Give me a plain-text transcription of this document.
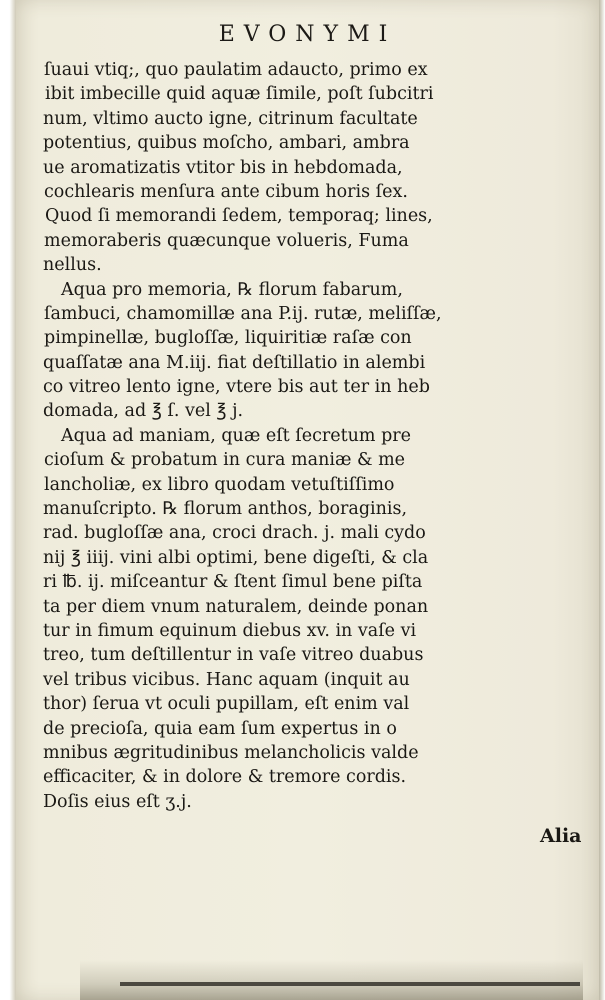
EVONYMI
ſuaui vtiq;, quo paulatim adaucto, primo ex
ibit imbecille quid aquæ ſimile, poſt ſubcitri
num, vltimo aucto igne, citrinum facultate
potentius, quibus moſcho, ambari, ambra
ue aromatizatis vtitor bis in hebdomada,
cochlearis menſura ante cibum horis ſex.
Quod ſi memorandi ſedem, temporaq; lines,
memoraberis quæcunque volueris, Fuma
nellus.
Aqua pro memoria, ℞ florum fabarum,
ſambuci, chamomillæ ana P.ij. rutæ, meliſſæ,
pimpinellæ, bugloſſæ, liquiritiæ raſæ con
quaſſatæ ana M.iij. fiat deſtillatio in alembi
co vitreo lento igne, vtere bis aut ter in heb
domada, ad ℥ ſ. vel ℥ j.
Aqua ad maniam, quæ eſt ſecretum pre
cioſum & probatum in cura maniæ & me
lancholiæ, ex libro quodam vetuſtiſſimo
manuſcripto. ℞ florum anthos, boraginis,
rad. bugloſſæ ana, croci drach. j. mali cydo
nij ℥ iiij. vini albi optimi, bene digeſti, & cla
ri ℔. ij. miſceantur & ſtent ſimul bene piſta
ta per diem vnum naturalem, deinde ponan
tur in fimum equinum diebus xv. in vaſe vi
treo, tum deſtillentur in vaſe vitreo duabus
vel tribus vicibus. Hanc aquam (inquit au
thor) ſerua vt oculi pupillam, eſt enim val
de precioſa, quia eam ſum expertus in o
mnibus ægritudinibus melancholicis valde
efficaciter, & in dolore & tremore cordis.
Doſis eius eſt ʒ.j.
Alia
